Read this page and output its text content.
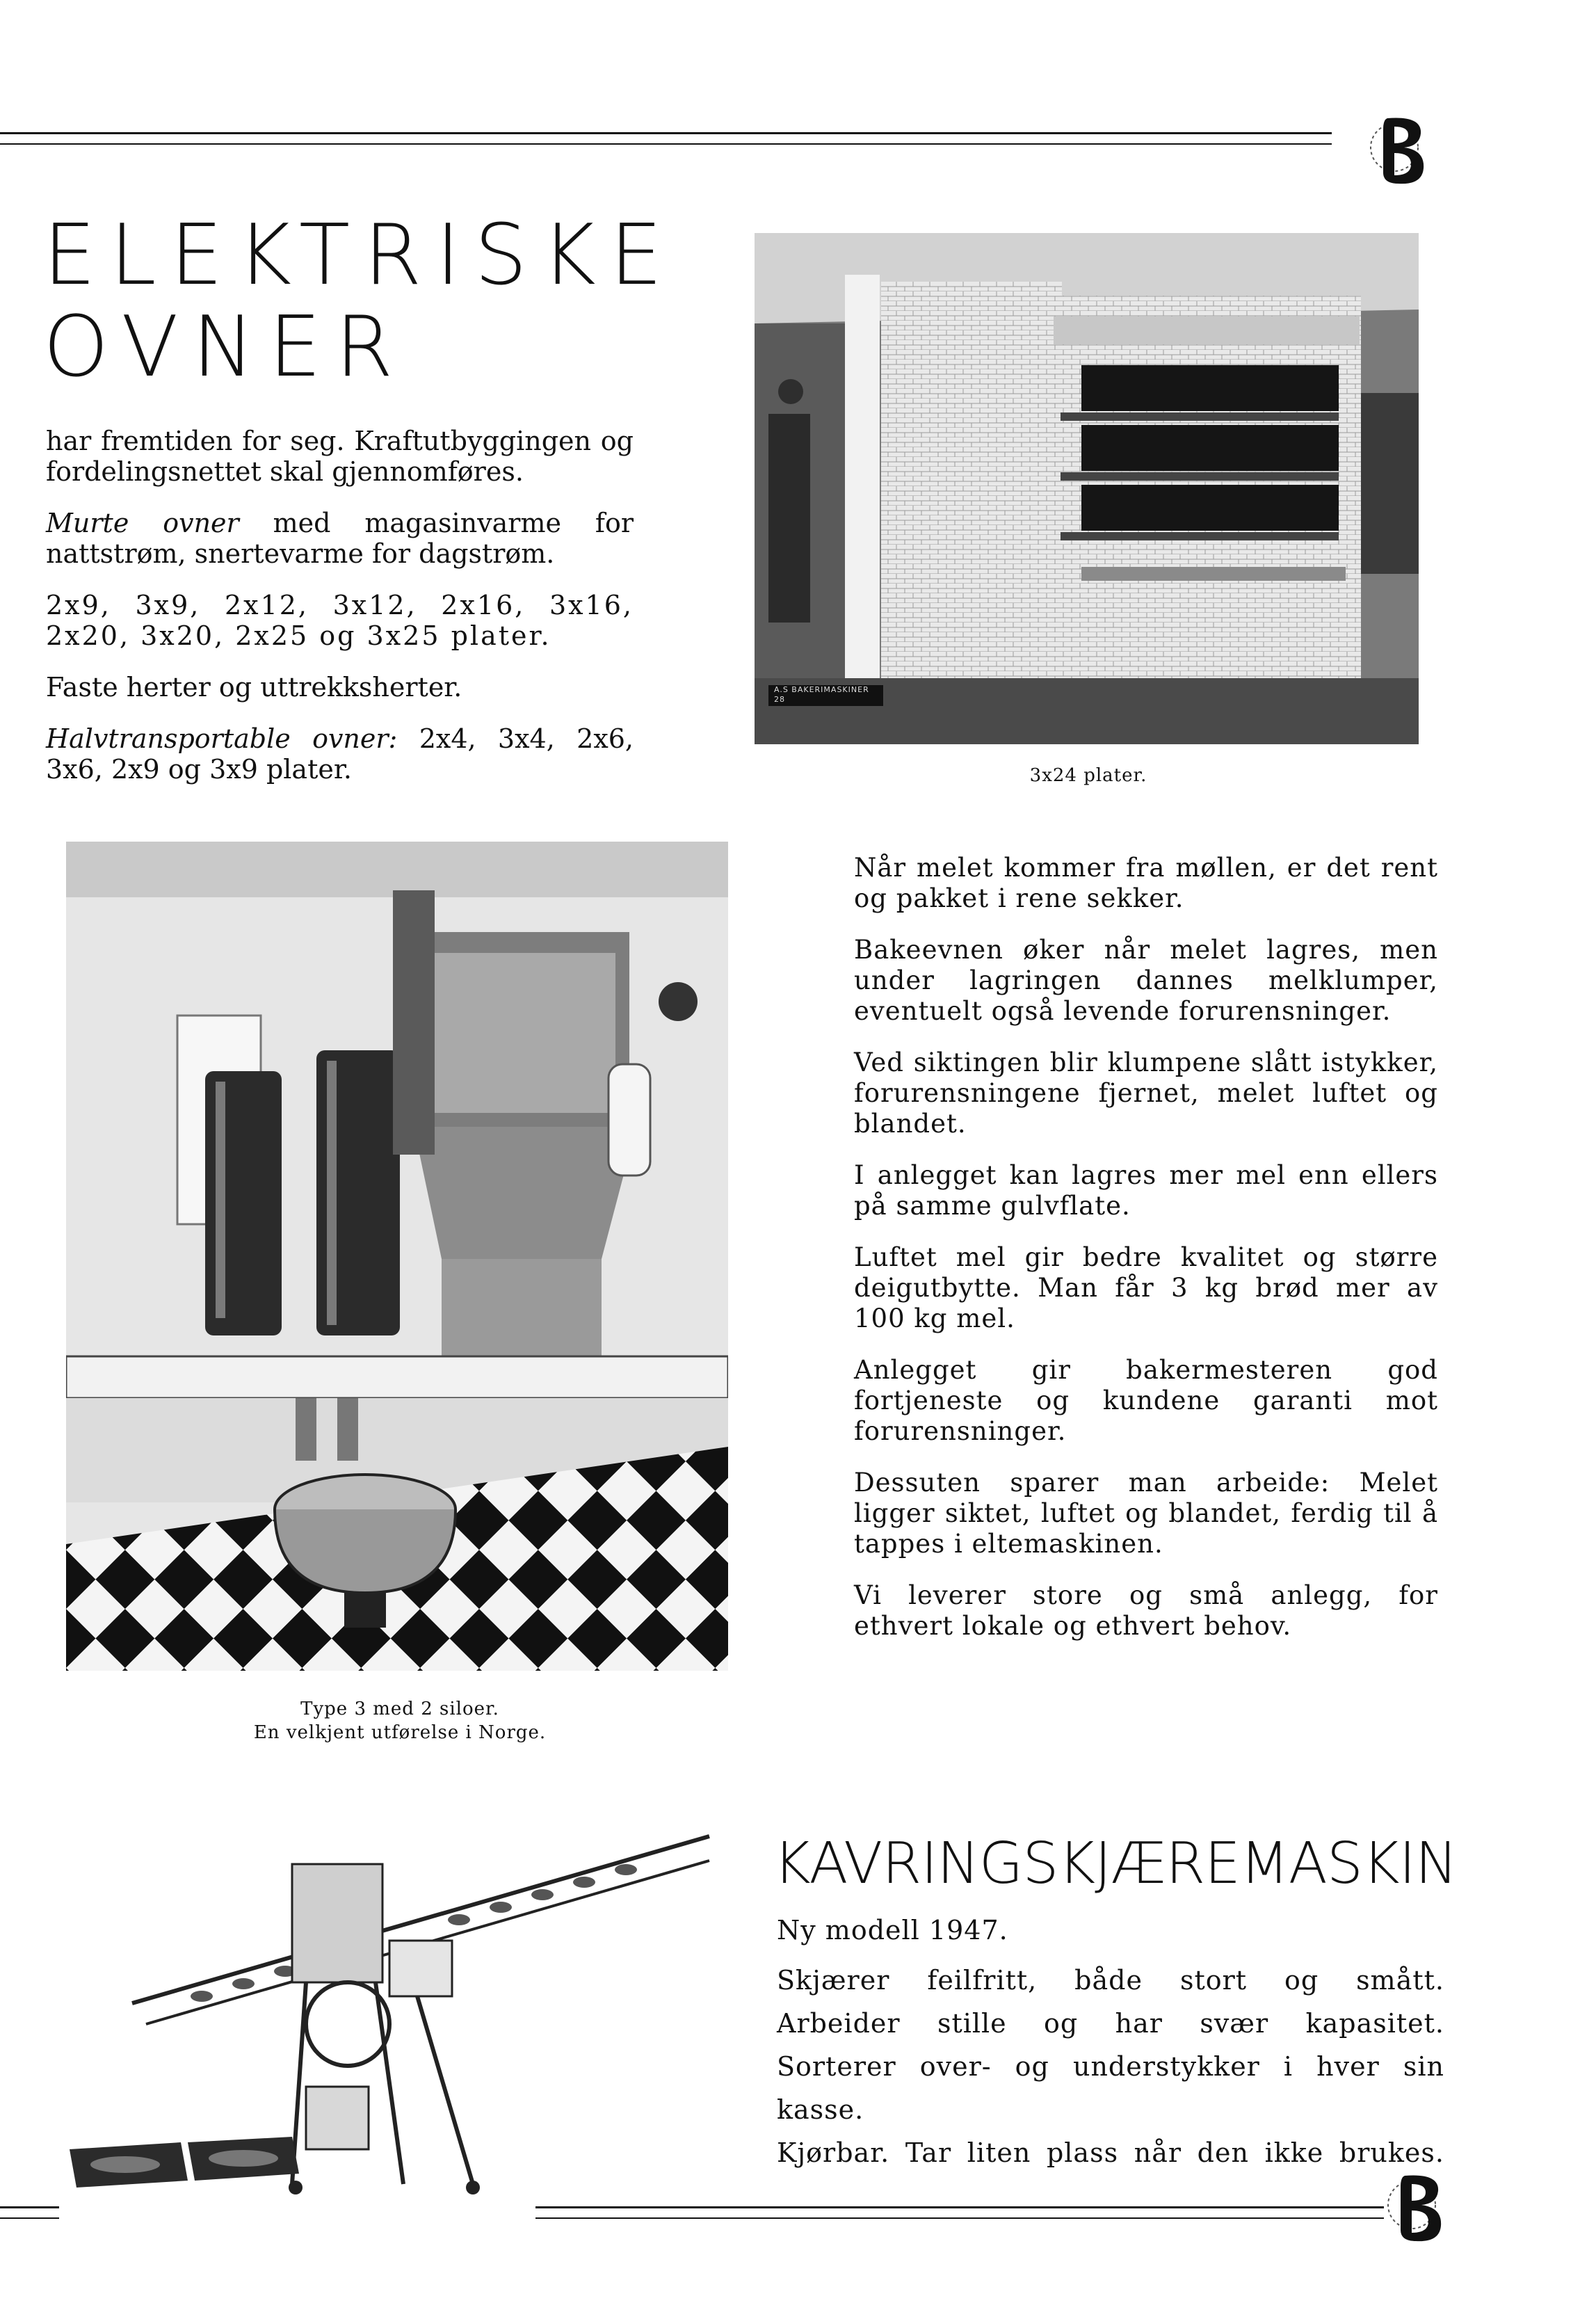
ELEKTRISKE
OVNER

har fremtiden for seg. Kraftutbyggingen og fordelingsnettet skal gjennomføres.

Murte ovner med magasinvarme for nattstrøm, snertevarme for dagstrøm.

2x9, 3x9, 2x12, 3x12, 2x16, 3x16, 2x20, 3x20, 2x25 og 3x25 plater.

Faste herter og uttrekksherter.

Halvtransportable ovner: 2x4, 3x4, 2x6, 3x6, 2x9 og 3x9 plater.

A.S BAKERIMASKINER 28
3x24 plater.
Type 3 med 2 siloer.
En velkjent utførelse i Norge.

Når melet kommer fra møllen, er det rent og pakket i rene sekker.

Bakeevnen øker når melet lagres, men under lagringen dannes melklumper, eventuelt også levende forurensninger.

Ved siktingen blir klumpene slått istykker, forurensningene fjernet, melet luftet og blandet.

I anlegget kan lagres mer mel enn ellers på samme gulvflate.

Luftet mel gir bedre kvalitet og større deigutbytte. Man får 3 kg brød mer av 100 kg mel.

Anlegget gir bakermesteren god fortjeneste og kundene garanti mot forurensninger.

Dessuten sparer man arbeide: Melet ligger siktet, luftet og blandet, ferdig til å tappes i eltemaskinen.

Vi leverer store og små anlegg, for ethvert lokale og ethvert behov.

KAVRINGSKJÆREMASKIN

Ny modell 1947.

Skjærer feilfritt, både stort og smått.

Arbeider stille og har svær kapasitet.

Sorterer over- og understykker i hver sin kasse.

Kjørbar. Tar liten plass når den ikke brukes.
